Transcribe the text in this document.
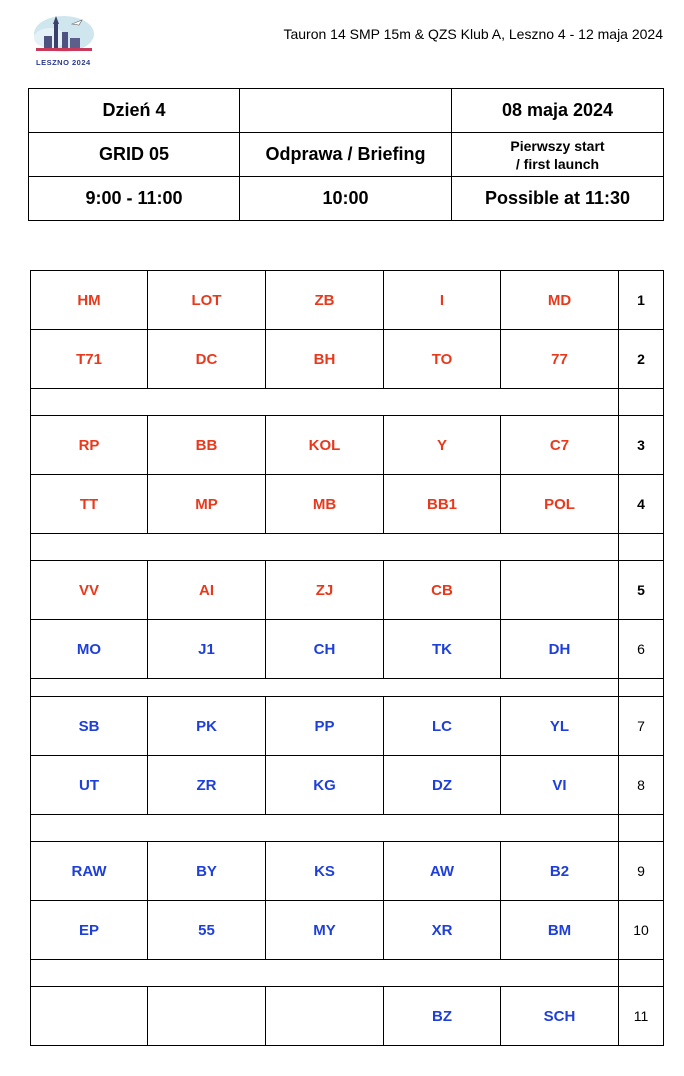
LESZNO 2024
Tauron 14 SMP 15m & QZS Klub A, Leszno 4 - 12 maja 2024
Dzień 4		08 maja 2024
GRID 05	Odprawa / Briefing	Pierwszy start
/ first launch

9:00 - 11:00	10:00	Possible at 11:30
HM	LOT	ZB	I	MD	1
T71	DC	BH	TO	77	2

RP	BB	KOL	Y	C7	3
TT	MP	MB	BB1	POL	4

VV	AI	ZJ	CB		5
MO	J1	CH	TK	DH	6

SB	PK	PP	LC	YL	7
UT	ZR	KG	DZ	VI	8

RAW	BY	KS	AW	B2	9
EP	55	MY	XR	BM	10

			BZ	SCH	11
